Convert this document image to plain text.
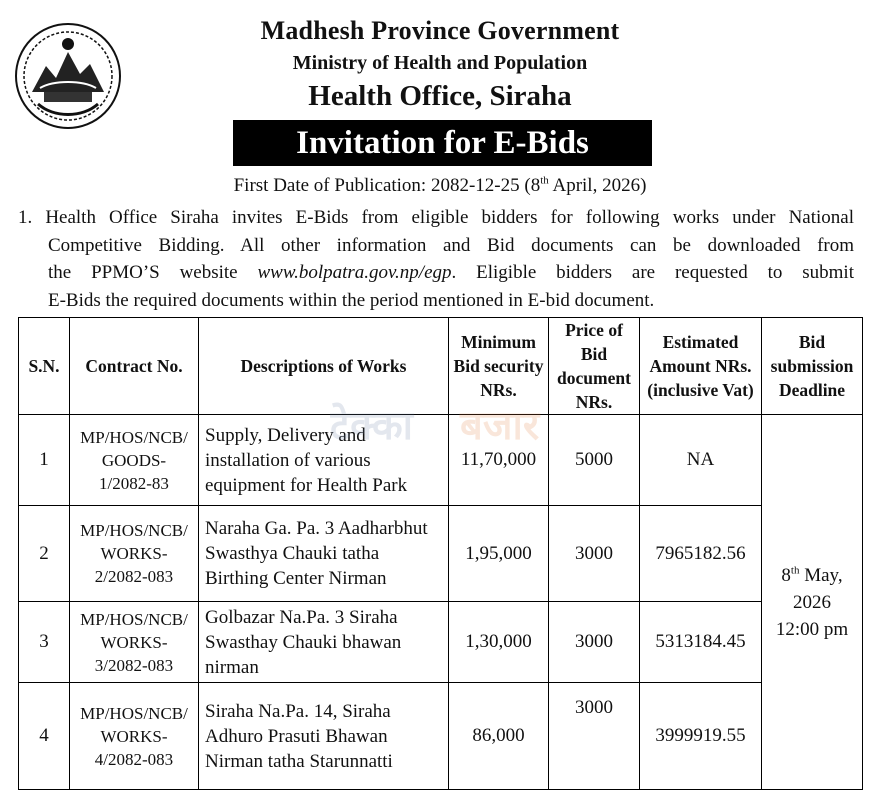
Madhesh Province Government
Ministry of Health and Population
Health Office, Siraha
Invitation for E-Bids
First Date of Publication: 2082-12-25 (8th April, 2026)
1. Health Office Siraha invites E-Bids from eligible bidders for following works under National
Competitive Bidding. All other information and Bid documents can be downloaded from
the PPMO’S website www.bolpatra.gov.np/egp. Eligible bidders are requested to submit
E-Bids the required documents within the period mentioned in E-bid document.
S.N.	Contract No.	Descriptions of Works	Minimum Bid security NRs.	Price of Bid document NRs.	Estimated Amount NRs. (inclusive Vat)	Bid submission Deadline
1	MP/HOS/NCB/ GOODS- 1/2082-83	Supply, Delivery and installation of various equipment for Health Park	11,70,000	5000	NA	8th May,
2026
12:00 pm
2	MP/HOS/NCB/ WORKS- 2/2082-083	Naraha Ga. Pa. 3 Aadharbhut Swasthya Chauki tatha Birthing Center Nirman	1,95,000	3000	7965182.56	
3	MP/HOS/NCB/ WORKS- 3/2082-083	Golbazar Na.Pa. 3 Siraha Swasthay Chauki bhawan nirman	1,30,000	3000	5313184.45	
4	MP/HOS/NCB/ WORKS- 4/2082-083	Siraha Na.Pa. 14, Siraha Adhuro Prasuti Bhawan Nirman tatha Starunnatti	86,000	3000	3999919.55	
टेक्का बजार
